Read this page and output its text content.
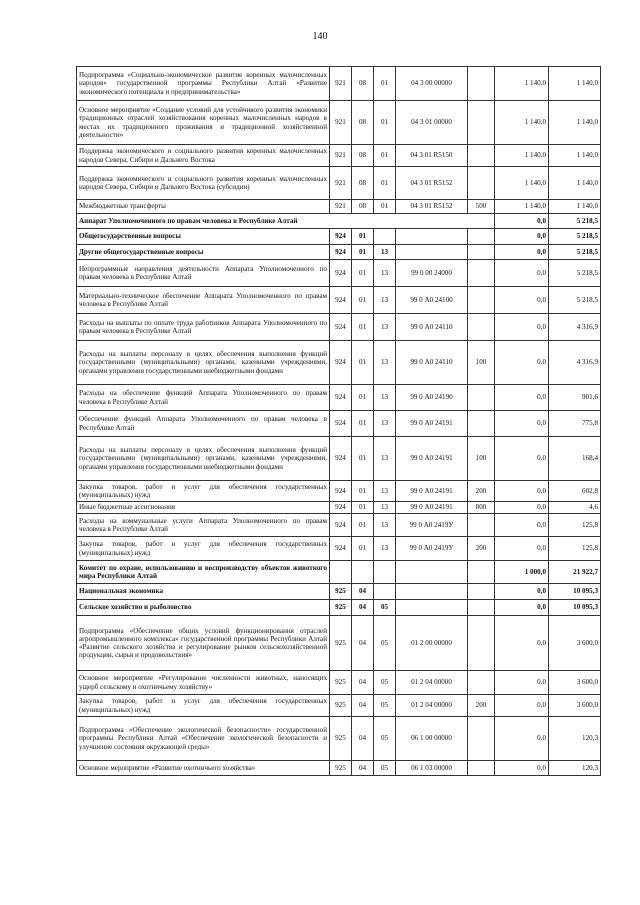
140
Подпрограмма «Социально-экономическое развитие коренных малочисленных народов» государственной программы Республики Алтай «Развитие экономического потенциала и предпринимательства»	921	08	01	04 3 00 00000		1 140,0	1 140,0
Основное мероприятие «Создание условий для устойчивого развития экономики традиционных отраслей хозяйствования коренных малочисленных народов в местах их традиционного проживания и традиционной хозяйственной деятельности»	921	08	01	04 3 01 00000		1 140,0	1 140,0
Поддержка экономического и социального развития коренных малочисленных народов Севера, Сибири и Дальнего Востока	921	08	01	04 3 01 R5150		1 140,0	1 140,0
Поддержка экономического и социального развития коренных малочисленных народов Севера, Сибири и Дальнего Востока (субсидии)	921	08	01	04 3 01 R5152		1 140,0	1 140,0
Межбюджетные трансферты	921	08	01	04 3 01 R5152	500	1 140,0	1 140,0
Аппарат Уполномоченного по правам человека в Республике Алтай						0,0	5 218,5
Общегосударственные вопросы	924	01				0,0	5 218,5
Другие общегосударственные вопросы	924	01	13			0,0	5 218,5
Непрограммные направления деятельности Аппарата Уполномоченного по правам человека в Республике Алтай	924	01	13	99 0 00 24000		0,0	5 218,5
Материально-техническое обеспечение Аппарата Уполномоченного по правам человека в Республике Алтай	924	01	13	99 0 А0 24100		0,0	5 218,5
Расходы на выплаты по оплате труда работников Аппарата Уполномоченного по правам человека в Республике Алтай	924	01	13	99 0 А0 24110		0,0	4 316,9
Расходы на выплаты персоналу в целях обеспечения выполнения функций государственными (муниципальными) органами, казенными учреждениями, органами управления государственными внебюджетными фондами	924	01	13	99 0 А0 24110	100	0,0	4 316,9
Расходы на обеспечение функций Аппарата Уполномоченного по правам человека в Республике Алтай	924	01	13	99 0 А0 24190		0,0	901,6
Обеспечение функций Аппарата Уполномоченного по правам человека в Республике Алтай	924	01	13	99 0 А0 24191		0,0	775,8
Расходы на выплаты персоналу в целях обеспечения выполнения функций государственными (муниципальными) органами, казенными учреждениями, органами управления государственными внебюджетными фондами	924	01	13	99 0 А0 24191	100	0,0	168,4
Закупка товаров, работ и услуг для обеспечения государственных (муниципальных) нужд	924	01	13	99 0 А0 24191	200	0,0	602,8
Иные бюджетные ассигнования	924	01	13	99 0 А0 24191	800	0,0	4,6
Расходы на коммунальные услуги Аппарата Уполномоченного по правам человека в Республике Алтай	924	01	13	99 0 А0 2419У		0,0	125,8
Закупка товаров, работ и услуг для обеспечения государственных (муниципальных) нужд	924	01	13	99 0 А0 2419У	200	0,0	125,8
Комитет по охране, использованию и воспроизводству объектов животного мира Республики Алтай						1 000,0	21 922,7
Национальная экономика	925	04				0,0	10 095,3
Сельское хозяйство и рыболовство	925	04	05			0,0	10 095,3
Подпрограмма «Обеспечение общих условий функционирования отраслей агропромышленного комплекса» государственной программы Республики Алтай «Развитие сельского хозяйства и регулирование рынков сельскохозяйственной продукции, сырья и продовольствия»	925	04	05	01 2 00 00000		0,0	3 600,0
Основное мероприятие «Регулирование численности животных, наносящих ущерб сельскому и охотничьему хозяйству»	925	04	05	01 2 04 00000		0,0	3 600,0
Закупка товаров, работ и услуг для обеспечения государственных (муниципальных) нужд	925	04	05	01 2 04 00000	200	0,0	3 600,0
Подпрограмма «Обеспечение экологической безопасности» государственной программы Республики Алтай «Обеспечение экологической безопасности и улучшение состояния окружающей среды»	925	04	05	06 1 00 00000		0,0	120,3
Основное мероприятие «Развитие охотничьего хозяйства»	925	04	05	06 1 03 00000		0,0	120,3
